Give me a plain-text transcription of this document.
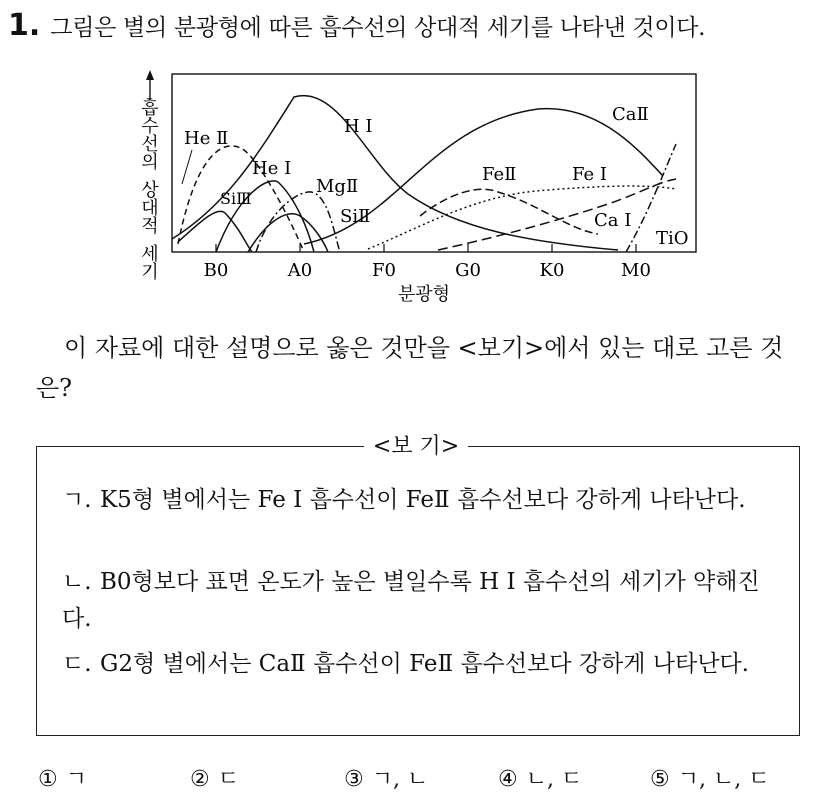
1. 그림은 별의 분광형에 따른 흡수선의 상대적 세기를 나타낸 것이다.
흡 수 선 의 상 대 적 세 기
He Ⅱ
He Ⅰ
SiⅢ
H Ⅰ
MgⅡ
SiⅡ
CaⅡ
FeⅡ	Fe Ⅰ
Ca Ⅰ
TiO
B0	A0	F0	G0	K0	M0
분광형
이 자료에 대한 설명으로 옳은 것만을 <보기>에서 있는 대로 고른 것은?
<보 기>
ㄱ. K5형 별에서는 Fe Ⅰ 흡수선이 FeⅡ 흡수선보다 강하게 나타난다.
ㄴ. B0형보다 표면 온도가 높은 별일수록 H Ⅰ 흡수선의 세기가 약해진다.
ㄷ. G2형 별에서는 CaⅡ 흡수선이 FeⅡ 흡수선보다 강하게 나타난다.
① ㄱ	② ㄷ	③ ㄱ, ㄴ	④ ㄴ, ㄷ	⑤ ㄱ, ㄴ, ㄷ
